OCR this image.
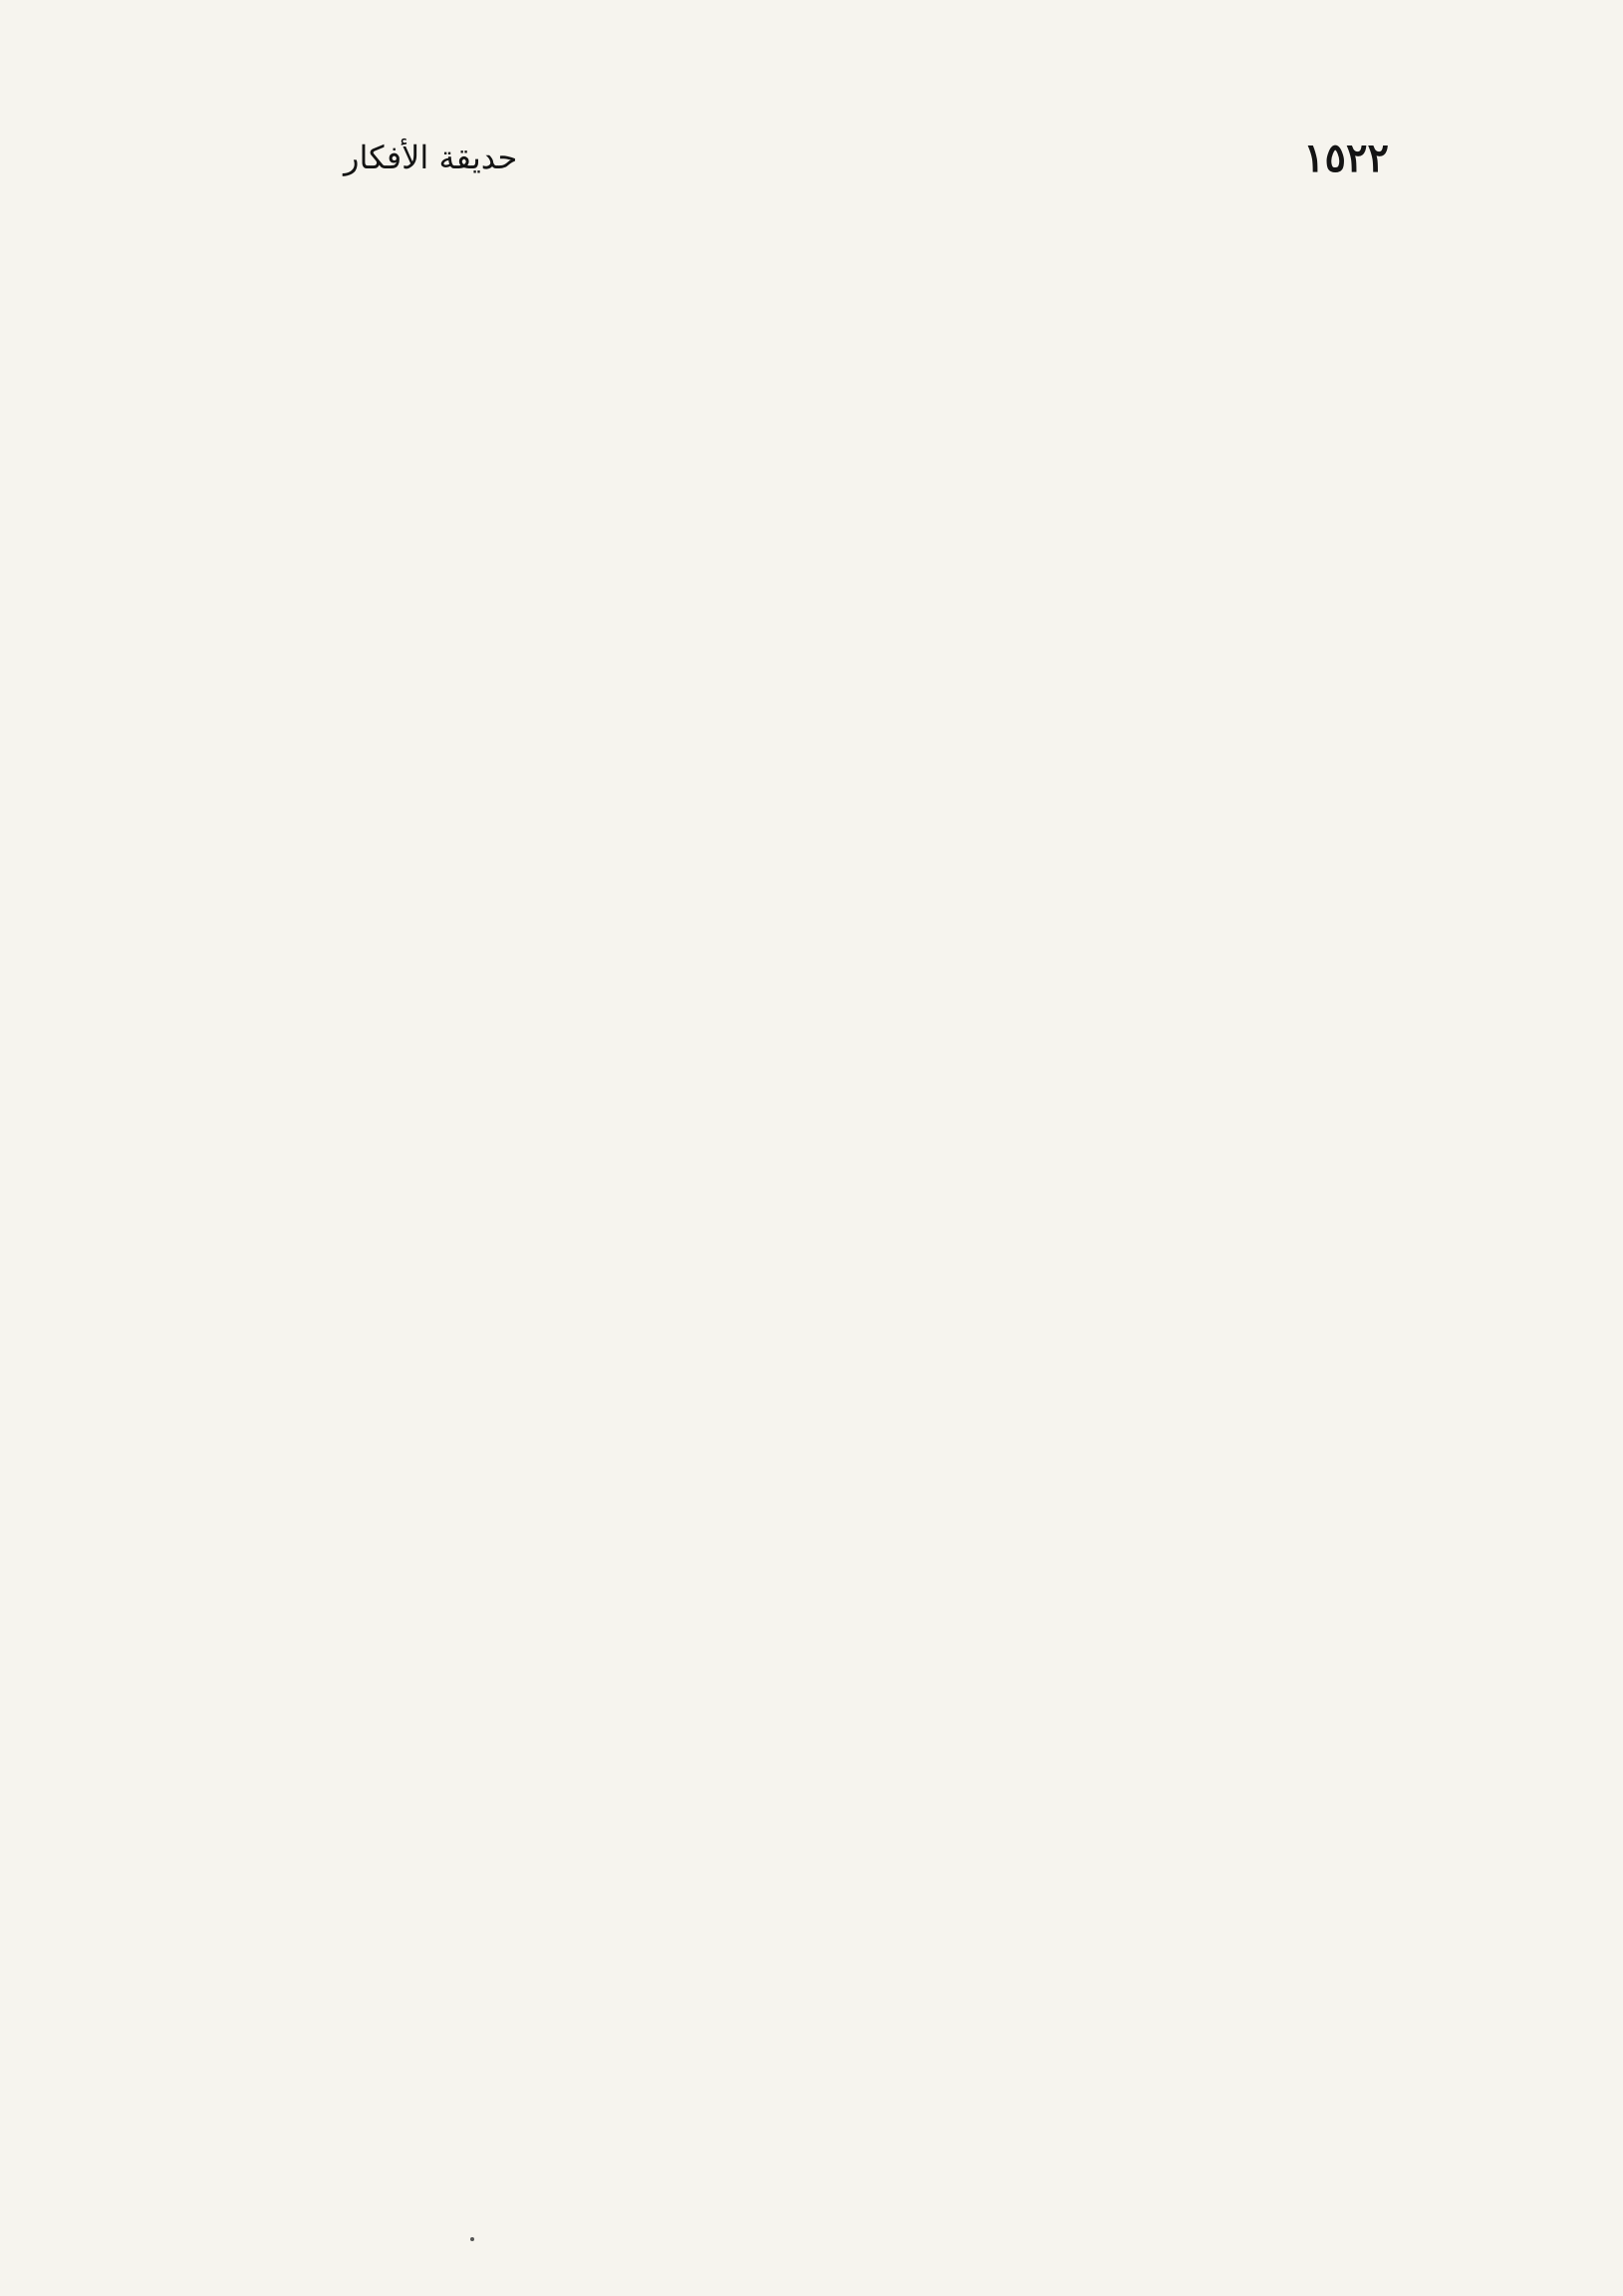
١٥٢٢
حديقة الأفكار
